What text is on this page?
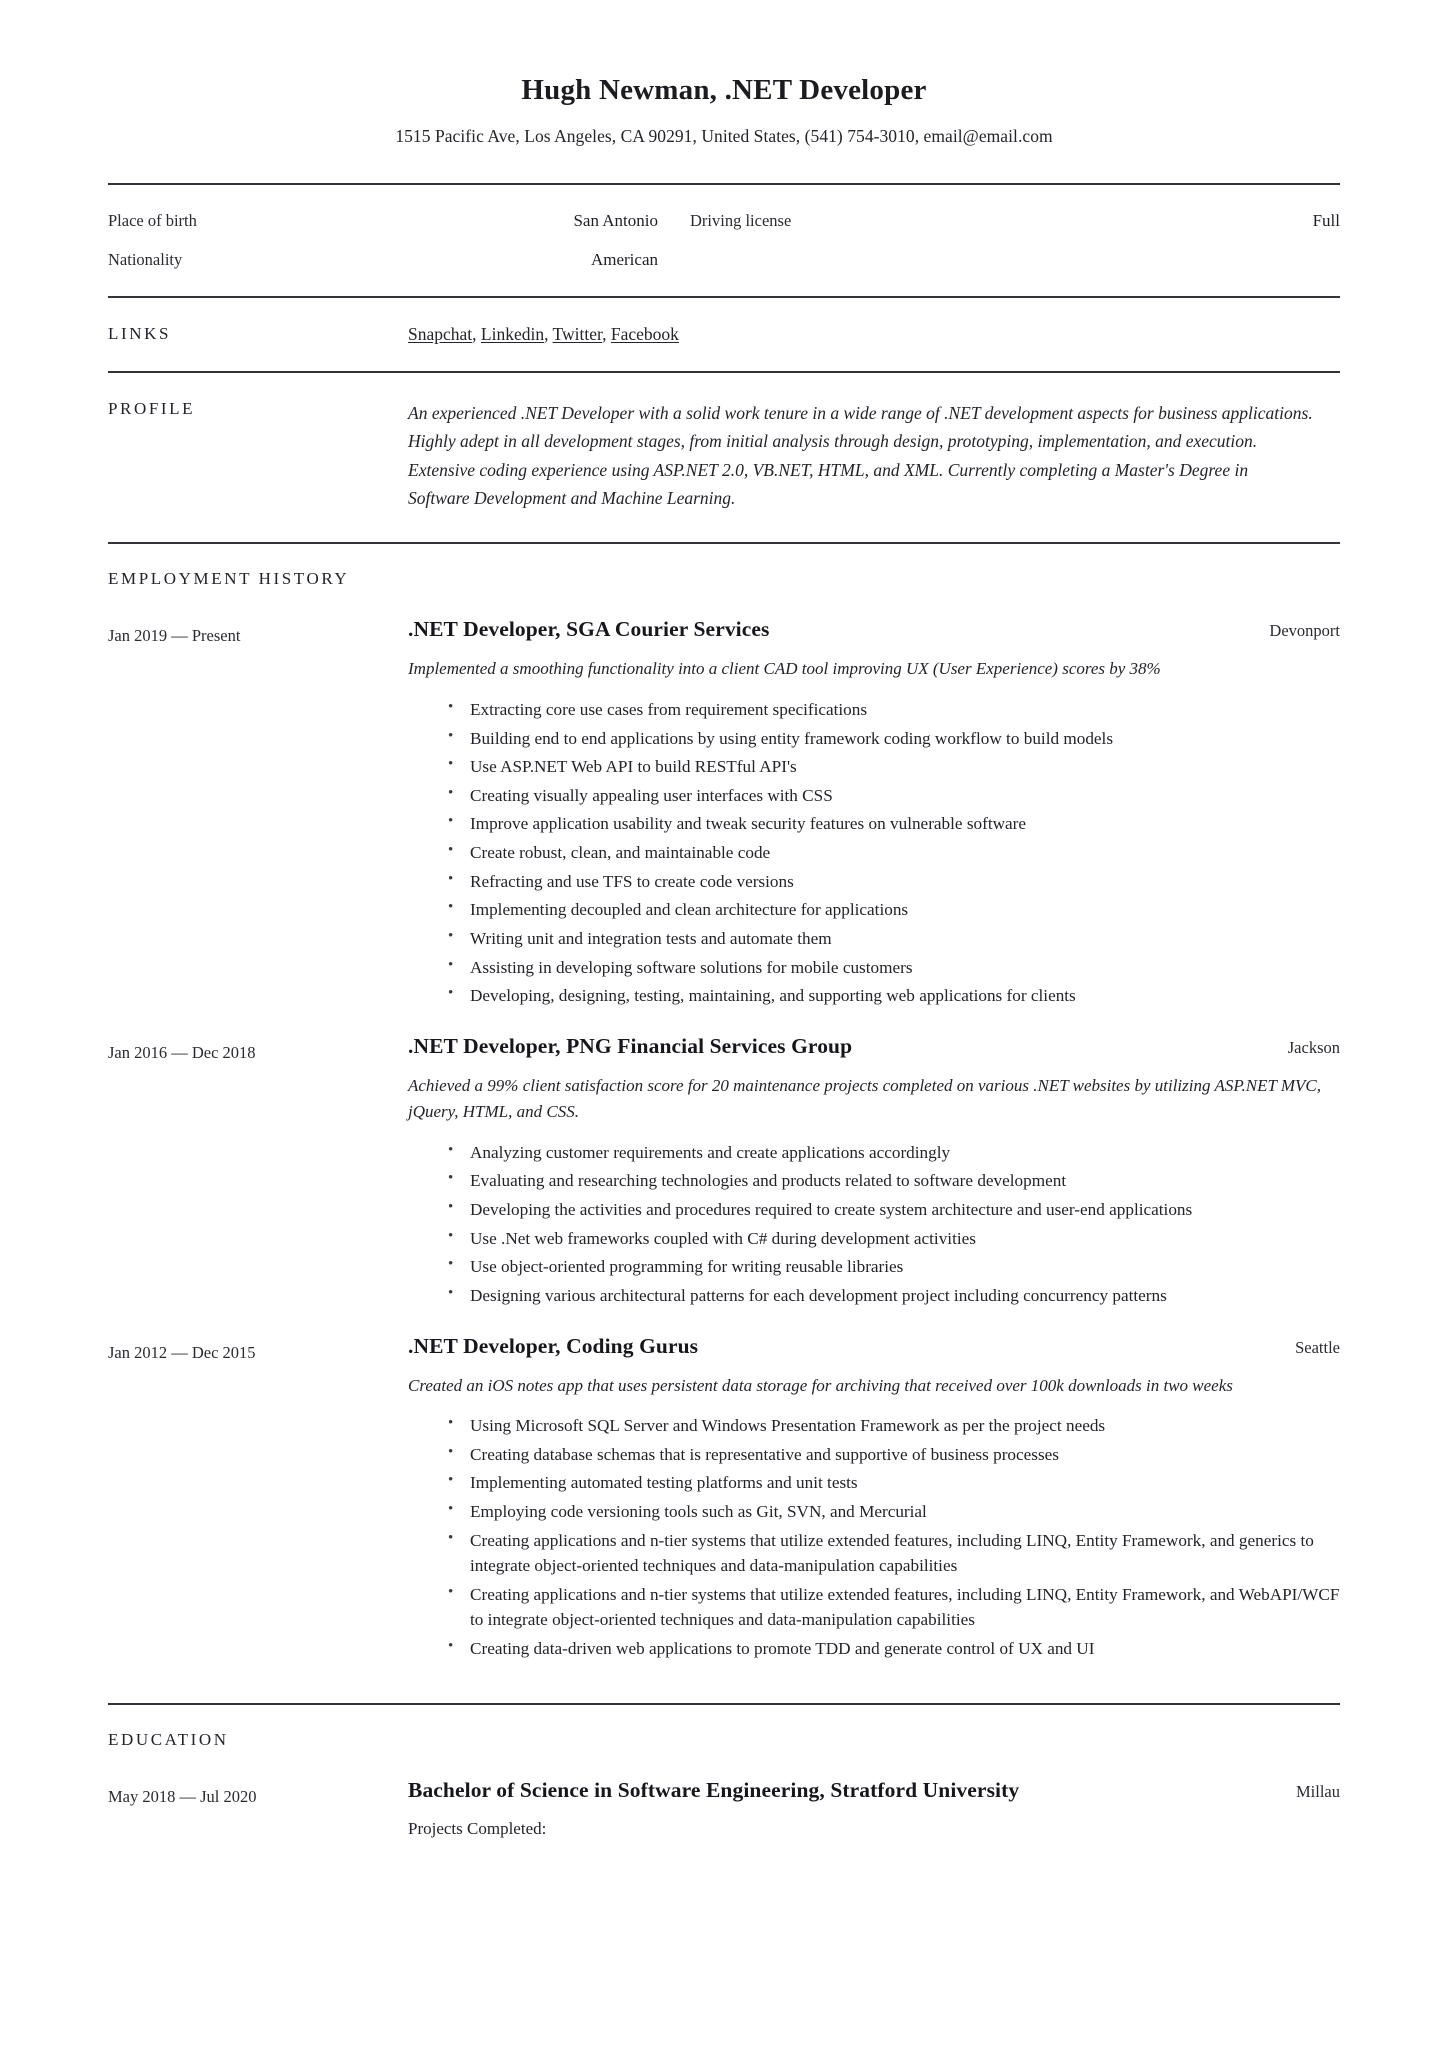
Hugh Newman, .NET Developer
1515 Pacific Ave, Los Angeles, CA 90291, United States, (541) 754-3010, email@email.com
Place of birth	San Antonio	Driving license	Full
Nationality	American
LINKS	Snapchat, Linkedin, Twitter, Facebook
PROFILE	An experienced .NET Developer with a solid work tenure in a wide range of .NET development aspects for business applications. Highly adept in all development stages, from initial analysis through design, prototyping, implementation, and execution. Extensive coding experience using ASP.NET 2.0, VB.NET, HTML, and XML. Currently completing a Master's Degree in Software Development and Machine Learning.
EMPLOYMENT HISTORY
Jan 2019 — Present	.NET Developer, SGA Courier Services	Devonport
Implemented a smoothing functionality into a client CAD tool improving UX (User Experience) scores by 38%
• Extracting core use cases from requirement specifications
• Building end to end applications by using entity framework coding workflow to build models
• Use ASP.NET Web API to build RESTful API's
• Creating visually appealing user interfaces with CSS
• Improve application usability and tweak security features on vulnerable software
• Create robust, clean, and maintainable code
• Refracting and use TFS to create code versions
• Implementing decoupled and clean architecture for applications
• Writing unit and integration tests and automate them
• Assisting in developing software solutions for mobile customers
• Developing, designing, testing, maintaining, and supporting web applications for clients
Jan 2016 — Dec 2018	.NET Developer, PNG Financial Services Group	Jackson
Achieved a 99% client satisfaction score for 20 maintenance projects completed on various .NET websites by utilizing ASP.NET MVC, jQuery, HTML, and CSS.
• Analyzing customer requirements and create applications accordingly
• Evaluating and researching technologies and products related to software development
• Developing the activities and procedures required to create system architecture and user-end applications
• Use .Net web frameworks coupled with C# during development activities
• Use object-oriented programming for writing reusable libraries
• Designing various architectural patterns for each development project including concurrency patterns
Jan 2012 — Dec 2015	.NET Developer, Coding Gurus	Seattle
Created an iOS notes app that uses persistent data storage for archiving that received over 100k downloads in two weeks
• Using Microsoft SQL Server and Windows Presentation Framework as per the project needs
• Creating database schemas that is representative and supportive of business processes
• Implementing automated testing platforms and unit tests
• Employing code versioning tools such as Git, SVN, and Mercurial
• Creating applications and n-tier systems that utilize extended features, including LINQ, Entity Framework, and generics to integrate object-oriented techniques and data-manipulation capabilities
• Creating applications and n-tier systems that utilize extended features, including LINQ, Entity Framework, and WebAPI/WCF to integrate object-oriented techniques and data-manipulation capabilities
• Creating data-driven web applications to promote TDD and generate control of UX and UI
EDUCATION
May 2018 — Jul 2020	Bachelor of Science in Software Engineering, Stratford University	Millau
Projects Completed:
